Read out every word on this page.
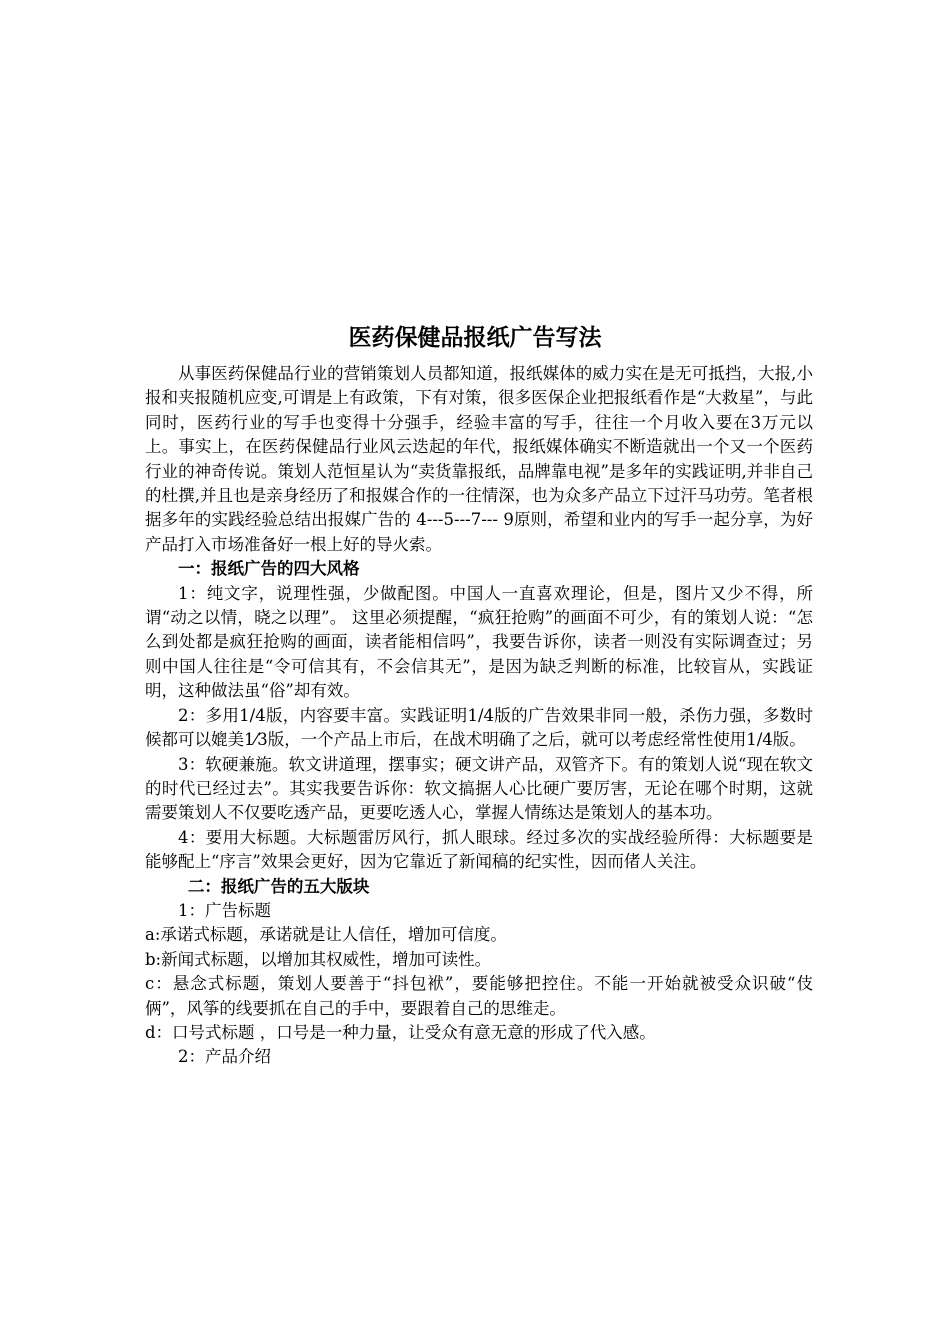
医药保健品报纸广告写法

从事医药保健品行业的营销策划人员都知道，报纸媒体的威力实在是无可抵挡，大报,小报和夹报随机应变,可谓是上有政策，下有对策，很多医保企业把报纸看作是“大救星”，与此同时，医药行业的写手也变得十分强手，经验丰富的写手，往往一个月收入要在3万元以上。事实上，在医药保健品行业风云迭起的年代，报纸媒体确实不断造就出一个又一个医药行业的神奇传说。策划人范恒星认为“卖货靠报纸，品牌靠电视”是多年的实践证明,并非自己的杜撰,并且也是亲身经历了和报媒合作的一往情深，也为众多产品立下过汗马功劳。笔者根据多年的实践经验总结出报媒广告的 4---5---7--- 9原则，希望和业内的写手一起分享，为好产品打入市场准备好一根上好的导火索。

一：报纸广告的四大风格

1：纯文字，说理性强，少做配图。中国人一直喜欢理论，但是，图片又少不得，所谓“动之以情，晓之以理”。 这里必须提醒，“疯狂抢购”的画面不可少，有的策划人说：“怎么到处都是疯狂抢购的画面，读者能相信吗”，我要告诉你，读者一则没有实际调查过；另则中国人往往是“令可信其有，不会信其无”，是因为缺乏判断的标准，比较盲从，实践证明，这种做法虽“俗”却有效。

2：多用1/4版，内容要丰富。实践证明1/4版的广告效果非同一般，杀伤力强，多数时候都可以媲美1⁄3版，一个产品上市后，在战术明确了之后，就可以考虑经常性使用1/4版。

3：软硬兼施。软文讲道理，摆事实；硬文讲产品，双管齐下。有的策划人说“现在软文的时代已经过去”。其实我要告诉你：软文搞据人心比硬广要厉害，无论在哪个时期，这就需要策划人不仅要吃透产品，更要吃透人心，掌握人情练达是策划人的基本功。

4：要用大标题。大标题雷厉风行，抓人眼球。经过多次的实战经验所得：大标题要是能够配上“序言”效果会更好，因为它靠近了新闻稿的纪实性，因而偖人关注。

二：报纸广告的五大版块

1：广告标题

a:承诺式标题，承诺就是让人信任，增加可信度。

b:新闻式标题，以增加其权威性，增加可读性。

c：悬念式标题，策划人要善于“抖包袱”，要能够把控住。不能一开始就被受众识破“伎俩”，风筝的线要抓在自己的手中，要跟着自己的思维走。

d：口号式标题 ，口号是一种力量，让受众有意无意的形成了代入感。

2：产品介绍
